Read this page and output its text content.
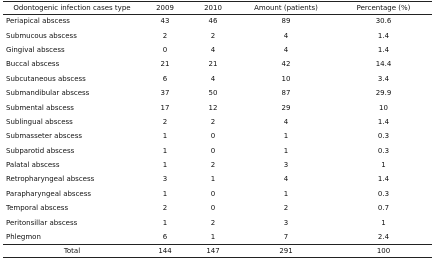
Odontogenic infection cases type	2009	2010	Amount (patients)	Percentage (%)
Periapical abscess	43	46	89	30.6
Submucous abscess	2	2	4	1.4
Gingival abscess	0	4	4	1.4
Buccal abscess	21	21	42	14.4
Subcutaneous abscess	6	4	10	3.4
Submandibular abscess	37	50	87	29.9
Submental abscess	17	12	29	10
Sublingual abscess	2	2	4	1.4
Submasseter abscess	1	0	1	0.3
Subparotid abscess	1	0	1	0.3
Palatal abscess	1	2	3	1
Retropharyngeal abscess	3	1	4	1.4
Parapharyngeal abscess	1	0	1	0.3
Temporal abscess	2	0	2	0.7
Peritonsillar abscess	1	2	3	1
Phlegmon	6	1	7	2.4
Total	144	147	291	100
